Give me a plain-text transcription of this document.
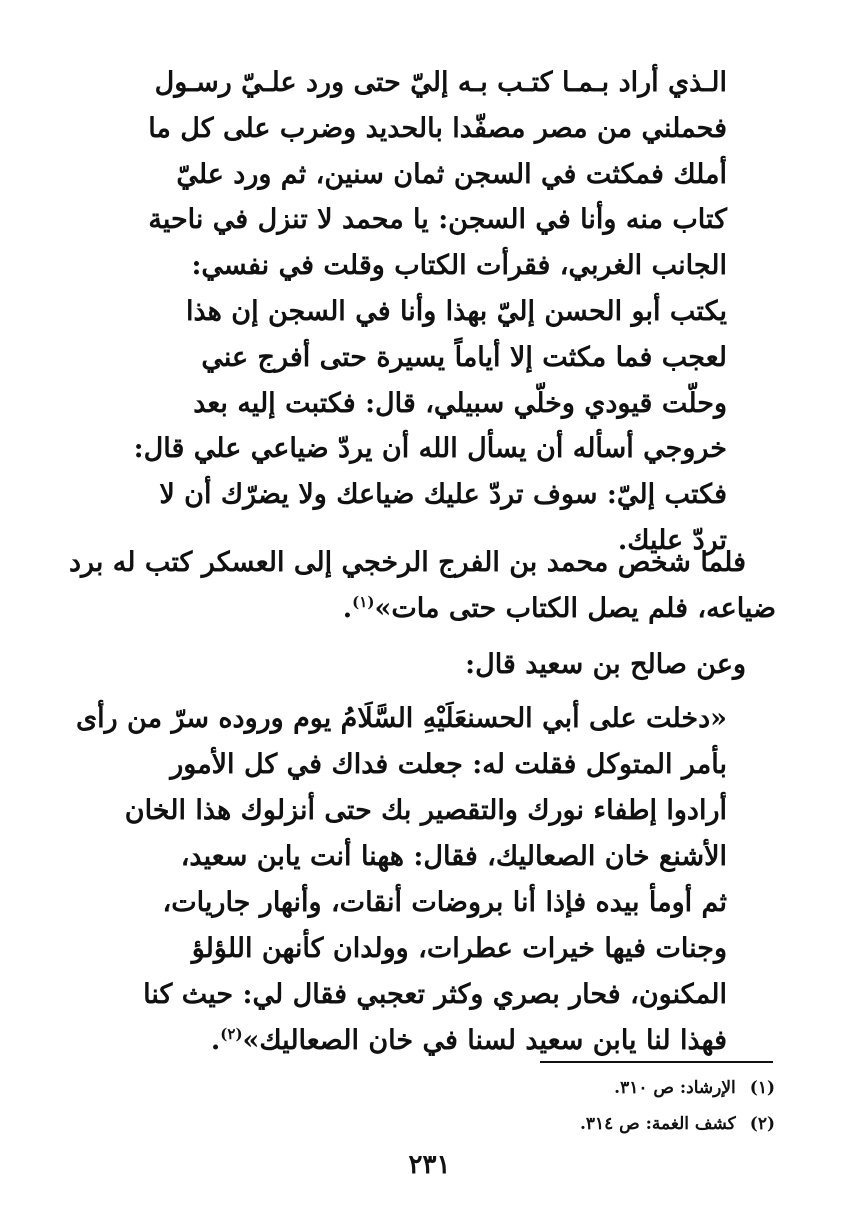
الـذي أراد بـمـا كتـب بـه إليّ حتى ورد علـيّ رسـول
فحملني من مصر مصفّدا بالحديد وضرب على كل ما
أملك فمكثت في السجن ثمان سنين، ثم ورد عليّ
كتاب منه وأنا في السجن: يا محمد لا تنزل في ناحية
الجانب الغربي، فقرأت الكتاب وقلت في نفسي:
يكتب أبو الحسن إليّ بهذا وأنا في السجن إن هذا
لعجب فما مكثت إلا أياماً يسيرة حتى أفرج عني
وحلّت قيودي وخلّي سبيلي، قال: فكتبت إليه بعد
خروجي أسأله أن يسأل الله أن يردّ ضياعي علي قال:
فكتب إليّ: سوف تردّ عليك ضياعك ولا يضرّك أن لا
تردّ عليك.
فلما شخص محمد بن الفرج الرخجي إلى العسكر كتب له برد
ضياعه، فلم يصل الكتاب حتى مات»$^{(١)}$.
وعن صالح بن سعيد قال:
«دخلت على أبي الحسنعَلَيْهِ السَّلَامُ يوم وروده سرّ من رأى
بأمر المتوكل فقلت له: جعلت فداك في كل الأمور
أرادوا إطفاء نورك والتقصير بك حتى أنزلوك هذا الخان
الأشنع خان الصعاليك، فقال: ههنا أنت يابن سعيد،
ثم أومأ بيده فإذا أنا بروضات أنقات، وأنهار جاريات،
وجنات فيها خيرات عطرات، وولدان كأنهن اللؤلؤ
المكنون، فحار بصري وكثر تعجبي فقال لي: حيث كنا
فهذا لنا يابن سعيد لسنا في خان الصعاليك»$^{(٢)}$.
(١)الإرشاد: ص ٣١٠.
(٢)كشف الغمة: ص ٣١٤.
٢٣١
